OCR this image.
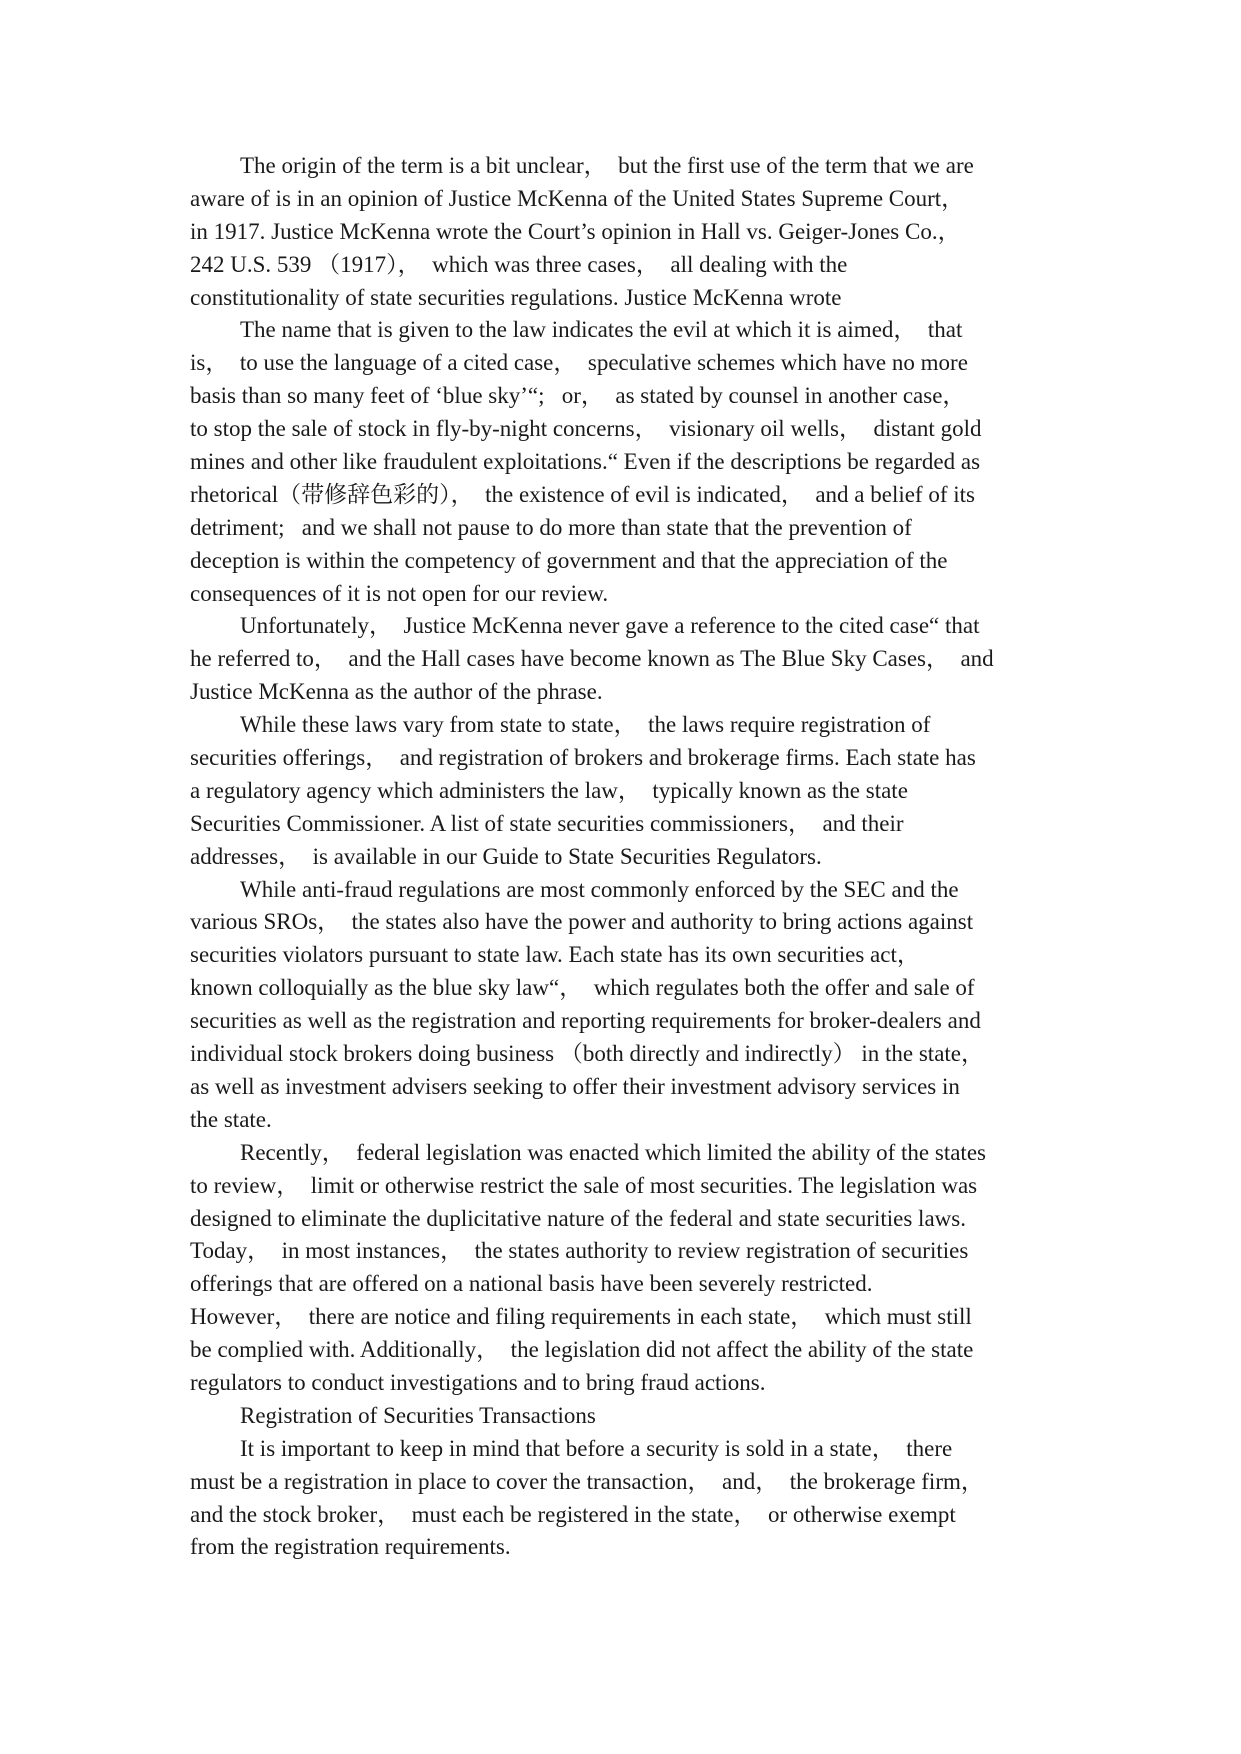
The origin of the term is a bit unclear，  but the first use of the term that we are
aware of is in an opinion of Justice McKenna of the United States Supreme Court，
in 1917. Justice McKenna wrote the Court’s opinion in Hall vs. Geiger-Jones Co.，
242 U.S. 539 （1917），  which was three cases，  all dealing with the
constitutionality of state securities regulations. Justice McKenna wrote
The name that is given to the law indicates the evil at which it is aimed，  that
is，  to use the language of a cited case，  speculative schemes which have no more
basis than so many feet of ‘blue sky’“;   or，  as stated by counsel in another case，
to stop the sale of stock in fly-by-night concerns，  visionary oil wells，  distant gold
mines and other like fraudulent exploitations.“ Even if the descriptions be regarded as
rhetorical（带修辞色彩的），  the existence of evil is indicated，  and a belief of its
detriment;   and we shall not pause to do more than state that the prevention of
deception is within the competency of government and that the appreciation of the
consequences of it is not open for our review.
Unfortunately，  Justice McKenna never gave a reference to the cited case“ that
he referred to，  and the Hall cases have become known as The Blue Sky Cases，  and
Justice McKenna as the author of the phrase.
While these laws vary from state to state，  the laws require registration of
securities offerings，  and registration of brokers and brokerage firms. Each state has
a regulatory agency which administers the law，  typically known as the state
Securities Commissioner. A list of state securities commissioners，  and their
addresses，  is available in our Guide to State Securities Regulators.
While anti-fraud regulations are most commonly enforced by the SEC and the
various SROs，  the states also have the power and authority to bring actions against
securities violators pursuant to state law. Each state has its own securities act，
known colloquially as the blue sky law“，  which regulates both the offer and sale of
securities as well as the registration and reporting requirements for broker-dealers and
individual stock brokers doing business （both directly and indirectly） in the state，
as well as investment advisers seeking to offer their investment advisory services in
the state.
Recently，  federal legislation was enacted which limited the ability of the states
to review，  limit or otherwise restrict the sale of most securities. The legislation was
designed to eliminate the duplicitative nature of the federal and state securities laws.
Today，  in most instances，  the states authority to review registration of securities
offerings that are offered on a national basis have been severely restricted.
However，  there are notice and filing requirements in each state，  which must still
be complied with. Additionally，  the legislation did not affect the ability of the state
regulators to conduct investigations and to bring fraud actions.
Registration of Securities Transactions
It is important to keep in mind that before a security is sold in a state，  there
must be a registration in place to cover the transaction，  and，  the brokerage firm，
and the stock broker，  must each be registered in the state，  or otherwise exempt
from the registration requirements.
